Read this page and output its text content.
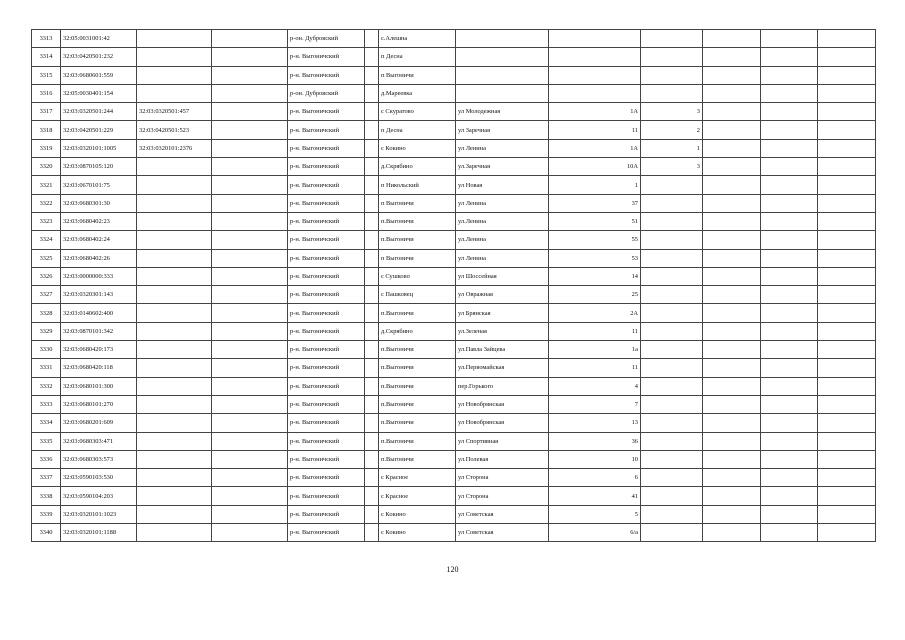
3313	32:05:0031001:42			р-он. Дубровский		с.Алешна						
3314	32:03:0420501:232			р-н. Выгоничский		п Десна						
3315	32:03:0680601:559			р-н. Выгоничский		п Выгоничи						
3316	32:05:0030401:154			р-он. Дубровский		д.Мареевка						
3317	32:03:0320501:244	32:03:0320501:457		р-н. Выгоничский		с Скуратово	ул Молодежная	1А	3			
3318	32:03:0420501:229	32:03:0420501:523		р-н. Выгоничский		п Десна	ул Заречная	11	2			
3319	32:03:0320101:1005	32:03:0320101:2376		р-н. Выгоничский		с Кокино	ул Ленина	1А	1			
3320	32:03:0870105:120			р-н. Выгоничский		д.Скрябино	ул.Заречная	10А	3			
3321	32:03:0670101:75			р-н. Выгоничский		п Никольский	ул Новая	1				
3322	32:03:0680301:30			р-н. Выгоничский		п Выгоничи	ул Ленина	37				
3323	32:03:0680402:23			р-н. Выгоничский		п.Выгоничи	ул.Ленина	51				
3324	32:03:0680402:24			р-н. Выгоничский		п.Выгоничи	ул.Ленина	55				
3325	32:03:0680402:26			р-н. Выгоничский		п Выгоничи	ул Ленина	53				
3326	32:03:0000000:333			р-н. Выгоничский		с Сушково	ул Шоссейная	14				
3327	32:03:0320301:143			р-н. Выгоничский		с Пашковец	ул Овражная	25				
3328	32:03:0140602:400			р-н. Выгоничский		п.Выгоничи	ул Брянская	2А				
3329	32:03:0870101:342			р-н. Выгоничский		д.Скрябино	ул.Зеленая	11				
3330	32:03:0680420:173			р-н. Выгоничский		п.Выгоничи	ул.Павла Зайцева	1а				
3331	32:03:0680420:118			р-н. Выгоничский		п.Выгоничи	ул.Первомайская	11				
3332	32:03:0680101:300			р-н. Выгоничский		п.Выгоничи	пер.Горького	4				
3333	32:03:0680101:270			р-н. Выгоничский		п.Выгоничи	ул Новобрянская	7				
3334	32:03:0680201:609			р-н. Выгоничский		п.Выгоничи	ул Новобрянская	13				
3335	32:03:0680303:471			р-н. Выгоничский		п.Выгоничи	ул Спортивная	36				
3336	32:03:0680303:573			р-н. Выгоничский		п.Выгоничи	ул.Полевая	10				
3337	32:03:0590103:530			р-н. Выгоничский		с Красное	ул Сторона	6				
3338	32:03:0590104:203			р-н. Выгоничский		с Красное	ул Сторона	41				
3339	32:03:0320101:1023			р-н. Выгоничский		с Кокино	ул Советская	5				
3340	32:03:0320101:1188			р-н. Выгоничский		с Кокино	ул Советская	6/а				
120
